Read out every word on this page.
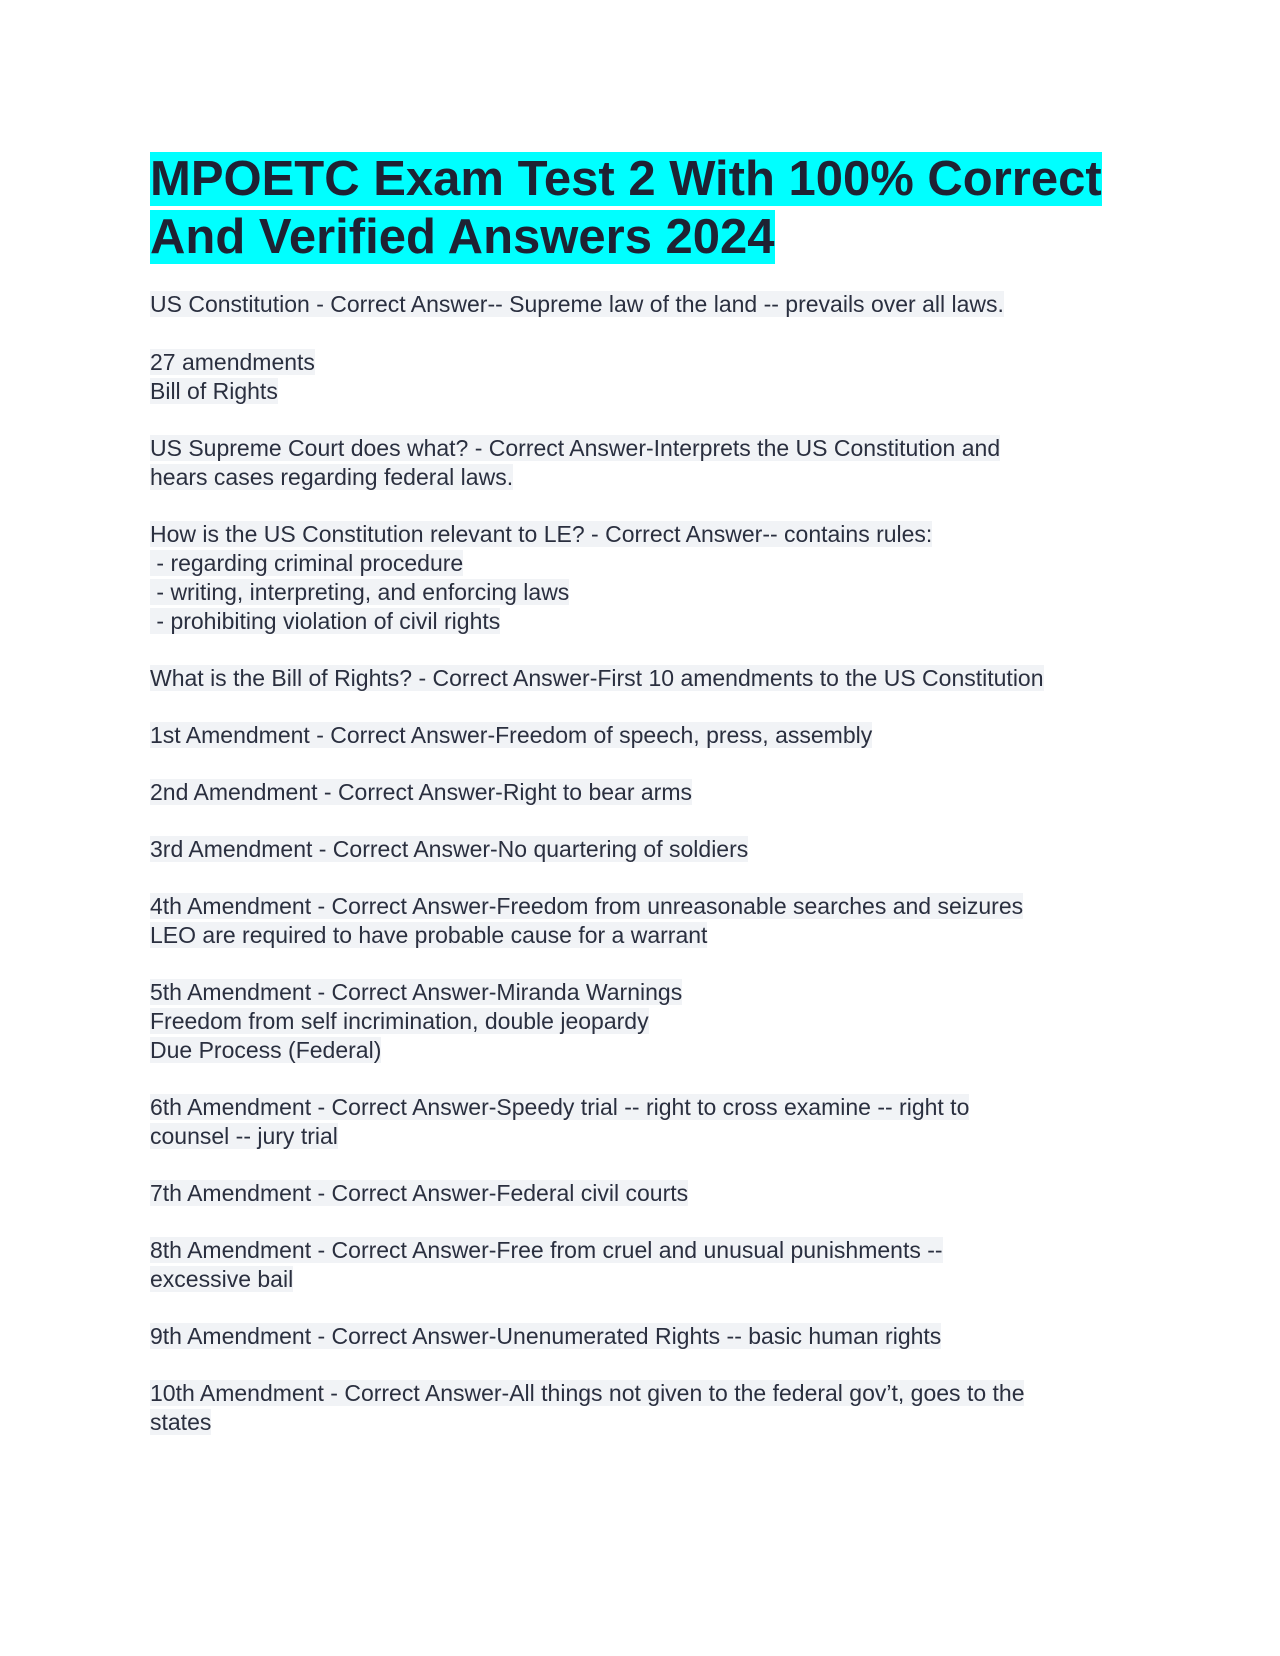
MPOETC Exam Test 2 With 100% Correct And Verified Answers 2024
US Constitution - Correct Answer-- Supreme law of the land -- prevails over all laws.
27 amendments
Bill of Rights
US Supreme Court does what? - Correct Answer-Interprets the US Constitution and
hears cases regarding federal laws.
How is the US Constitution relevant to LE? - Correct Answer-- contains rules:
- regarding criminal procedure
- writing, interpreting, and enforcing laws
- prohibiting violation of civil rights
What is the Bill of Rights? - Correct Answer-First 10 amendments to the US Constitution
1st Amendment - Correct Answer-Freedom of speech, press, assembly
2nd Amendment - Correct Answer-Right to bear arms
3rd Amendment - Correct Answer-No quartering of soldiers
4th Amendment - Correct Answer-Freedom from unreasonable searches and seizures
LEO are required to have probable cause for a warrant
5th Amendment - Correct Answer-Miranda Warnings
Freedom from self incrimination, double jeopardy
Due Process (Federal)
6th Amendment - Correct Answer-Speedy trial -- right to cross examine -- right to
counsel -- jury trial
7th Amendment - Correct Answer-Federal civil courts
8th Amendment - Correct Answer-Free from cruel and unusual punishments --
excessive bail
9th Amendment - Correct Answer-Unenumerated Rights -- basic human rights
10th Amendment - Correct Answer-All things not given to the federal gov’t, goes to the
states
